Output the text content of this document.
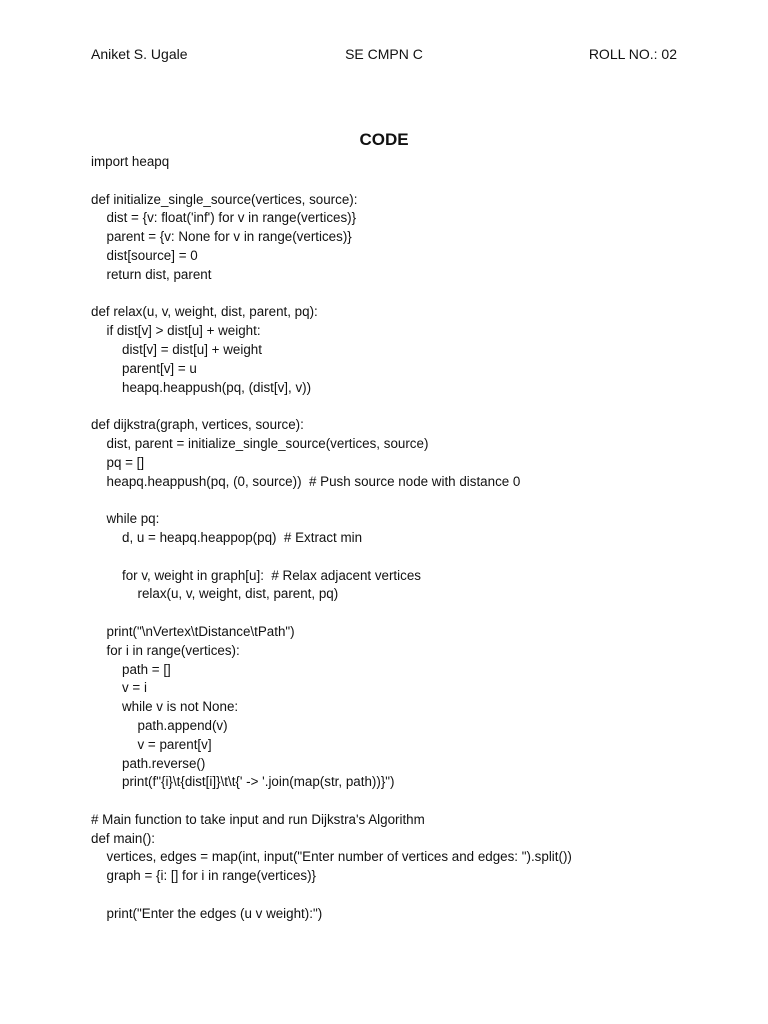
Aniket S. Ugale	SE CMPN C	ROLL NO.: 02
CODE
import heapq
def initialize_single_source(vertices, source):
dist = {v: float('inf') for v in range(vertices)}
parent = {v: None for v in range(vertices)}
dist[source] = 0
return dist, parent
def relax(u, v, weight, dist, parent, pq):
if dist[v] > dist[u] + weight:
dist[v] = dist[u] + weight
parent[v] = u
heapq.heappush(pq, (dist[v], v))
def dijkstra(graph, vertices, source):
dist, parent = initialize_single_source(vertices, source)
pq = []
heapq.heappush(pq, (0, source))  # Push source node with distance 0
while pq:
d, u = heapq.heappop(pq)  # Extract min
for v, weight in graph[u]:  # Relax adjacent vertices
relax(u, v, weight, dist, parent, pq)
print("\nVertex\tDistance\tPath")
for i in range(vertices):
path = []
v = i
while v is not None:
path.append(v)
v = parent[v]
path.reverse()
print(f"{i}\t{dist[i]}\t\t{' -> '.join(map(str, path))}")
# Main function to take input and run Dijkstra's Algorithm
def main():
vertices, edges = map(int, input("Enter number of vertices and edges: ").split())
graph = {i: [] for i in range(vertices)}
print("Enter the edges (u v weight):")
